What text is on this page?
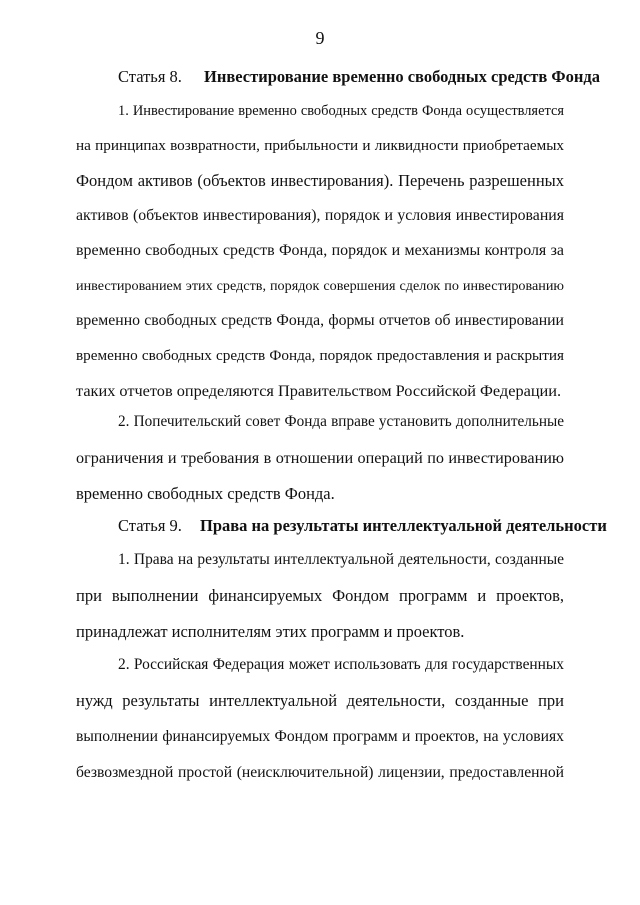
9
Статья 8. Инвестирование временно свободных средств Фонда
1. Инвестирование временно свободных средств Фонда осуществляется
на принципах возвратности, прибыльности и ликвидности приобретаемых
Фондом активов (объектов инвестирования). Перечень разрешенных
активов (объектов инвестирования), порядок и условия инвестирования
временно свободных средств Фонда, порядок и механизмы контроля за
инвестированием этих средств, порядок совершения сделок по инвестированию
временно свободных средств Фонда, формы отчетов об инвестировании
временно свободных средств Фонда, порядок предоставления и раскрытия
таких отчетов определяются Правительством Российской Федерации.
2. Попечительский совет Фонда вправе установить дополнительные
ограничения и требования в отношении операций по инвестированию
временно свободных средств Фонда.
Статья 9. Права на результаты интеллектуальной деятельности
1. Права на результаты интеллектуальной деятельности, созданные
при выполнении финансируемых Фондом программ и проектов,
принадлежат исполнителям этих программ и проектов.
2. Российская Федерация может использовать для государственных
нужд результаты интеллектуальной деятельности, созданные при
выполнении финансируемых Фондом программ и проектов, на условиях
безвозмездной простой (неисключительной) лицензии, предоставленной
